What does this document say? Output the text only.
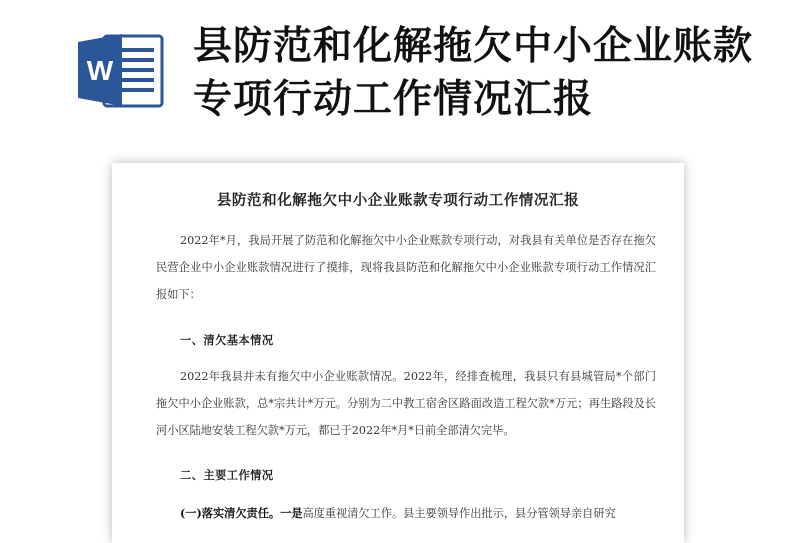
W
县防范和化解拖欠中小企业账款
专项行动工作情况汇报
县防范和化解拖欠中小企业账款专项行动工作情况汇报
2022年*月，我局开展了防范和化解拖欠中小企业账款专项行动，对我县有关单位是否存在拖欠民营企业中小企业账款情况进行了摸排，现将我县防范和化解拖欠中小企业账款专项行动工作情况汇报如下：
一、清欠基本情况
2022年我县并未有拖欠中小企业账款情况。2022年，经排查梳理，我县只有县城管局*个部门拖欠中小企业账款，总*宗共计*万元。分别为二中教工宿舍区路面改造工程欠款*万元；再生路段及长河小区陆地安装工程欠款*万元，都已于2022年*月*日前全部清欠完毕。
二、主要工作情况
(一)落实清欠责任。一是高度重视清欠工作。县主要领导作出批示，县分管领导亲自研究
